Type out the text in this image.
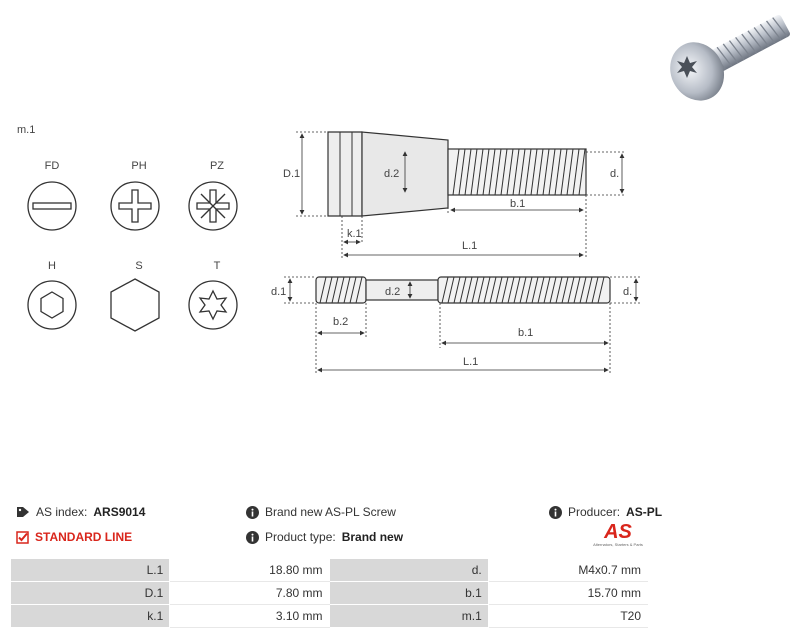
m.1
FD	PH	PZ
H	S	T
D.1	d.2	d.
b.1
k.1
L.1
d.1	d.2	d.
b.2
b.1
L.1
AS index: ARS9014	Brand new AS-PL Screw	Producer: AS-PL
STANDARD LINE	Product type: Brand new	AS
Alternators, Starters & Parts
L.1	18.80 mm	d.	M4x0.7 mm
D.1	7.80 mm	b.1	15.70 mm
k.1	3.10 mm	m.1	T20
